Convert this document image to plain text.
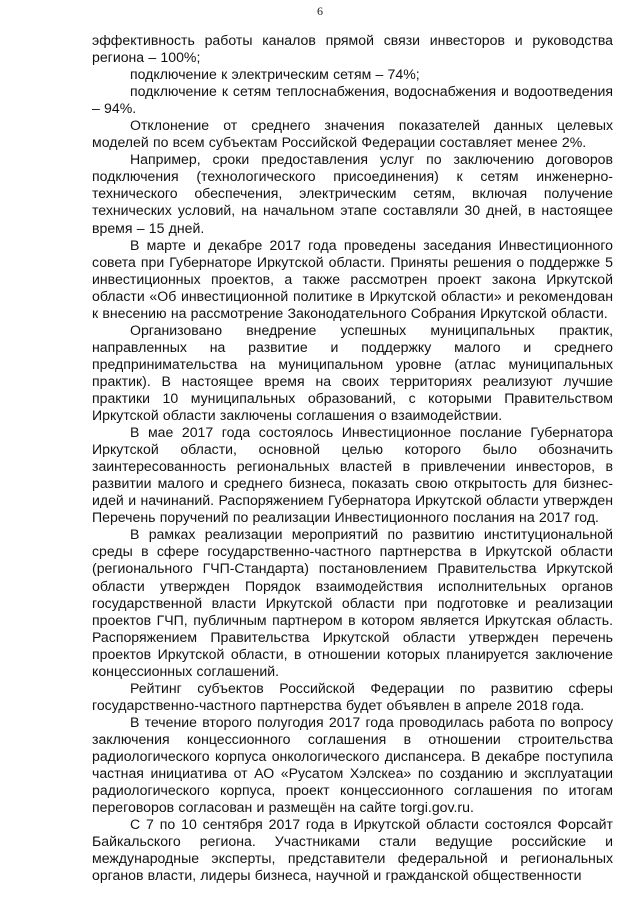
6

эффективность работы каналов прямой связи инвесторов и руководства региона – 100%;

подключение к электрическим сетям – 74%;

подключение к сетям теплоснабжения, водоснабжения и водоотведения – 94%.

Отклонение от среднего значения показателей данных целевых моделей по всем субъектам Российской Федерации составляет менее 2%.

Например, сроки предоставления услуг по заключению договоров подключения (технологического присоединения) к сетям инженерно-технического обеспечения, электрическим сетям, включая получение технических условий, на начальном этапе составляли 30 дней, в настоящее время – 15 дней.

В марте и декабре 2017 года проведены заседания Инвестиционного совета при Губернаторе Иркутской области. Приняты решения о поддержке 5 инвестиционных проектов, а также рассмотрен проект закона Иркутской области «Об инвестиционной политике в Иркутской области» и рекомендован к внесению на рассмотрение Законодательного Собрания Иркутской области.

Организовано внедрение успешных муниципальных практик, направленных на развитие и поддержку малого и среднего предпринимательства на муниципальном уровне (атлас муниципальных практик). В настоящее время на своих территориях реализуют лучшие практики 10 муниципальных образований, с которыми Правительством Иркутской области заключены соглашения о взаимодействии.

В мае 2017 года состоялось Инвестиционное послание Губернатора Иркутской области, основной целью которого было обозначить заинтересованность региональных властей в привлечении инвесторов, в развитии малого и среднего бизнеса, показать свою открытость для бизнес-идей и начинаний. Распоряжением Губернатора Иркутской области утвержден Перечень поручений по реализации Инвестиционного послания на 2017 год.

В рамках реализации мероприятий по развитию институциональной среды в сфере государственно-частного партнерства в Иркутской области (регионального ГЧП-Стандарта) постановлением Правительства Иркутской области утвержден Порядок взаимодействия исполнительных органов государственной власти Иркутской области при подготовке и реализации проектов ГЧП, публичным партнером в котором является Иркутская область. Распоряжением Правительства Иркутской области утвержден перечень проектов Иркутской области, в отношении которых планируется заключение концессионных соглашений.

Рейтинг субъектов Российской Федерации по развитию сферы государственно-частного партнерства будет объявлен в апреле 2018 года.

В течение второго полугодия 2017 года проводилась работа по вопросу заключения концессионного соглашения в отношении строительства радиологического корпуса онкологического диспансера. В декабре поступила частная инициатива от АО «Русатом Хэлскеа» по созданию и эксплуатации радиологического корпуса, проект концессионного соглашения по итогам переговоров согласован и размещён на сайте torgi.gov.ru.

С 7 по 10 сентября 2017 года в Иркутской области состоялся Форсайт Байкальского региона. Участниками стали ведущие российские и международные эксперты, представители федеральной и региональных органов власти, лидеры бизнеса, научной и гражданской общественности
